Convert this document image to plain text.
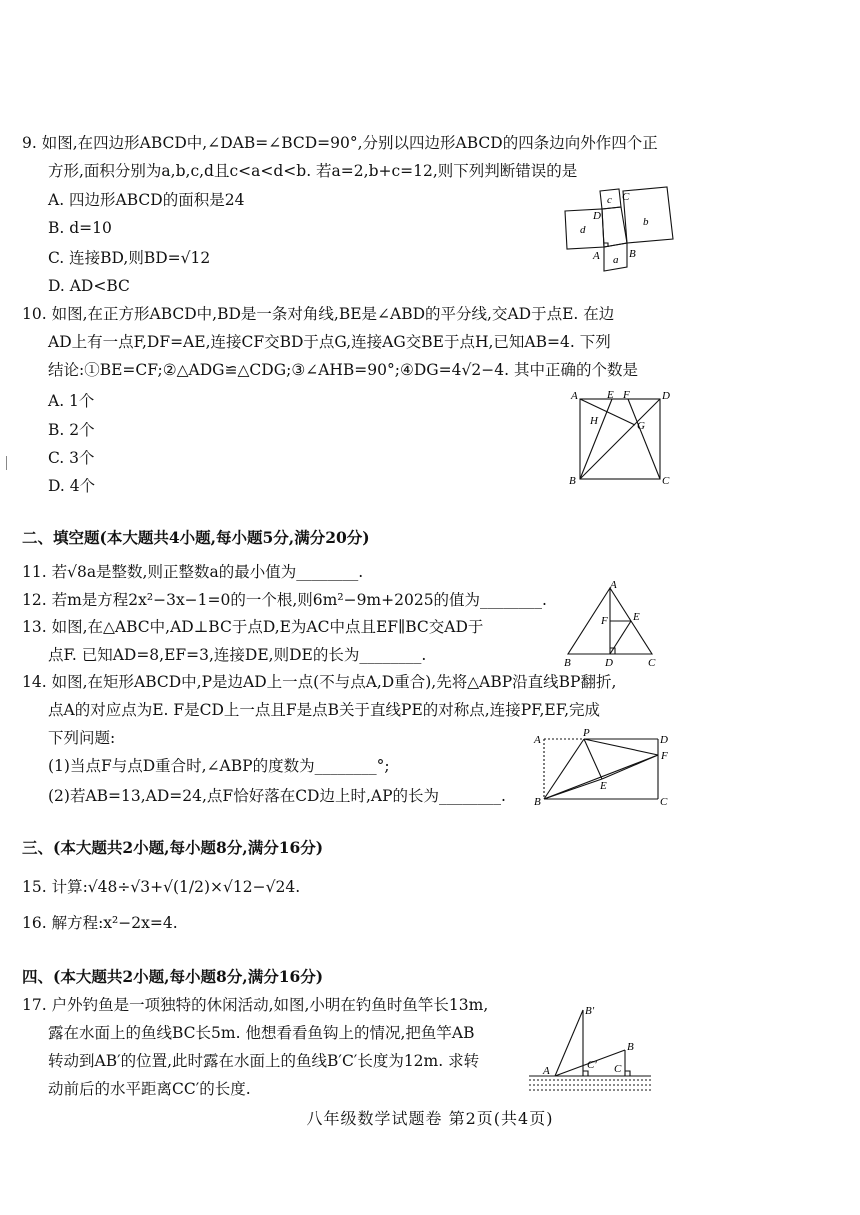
9. 如图,在四边形ABCD中,∠DAB=∠BCD=90°,分别以四边形ABCD的四条边向外作四个正
方形,面积分别为a,b,c,d且c<a<d<b. 若a=2,b+c=12,则下列判断错误的是
A. 四边形ABCD的面积是24
B. d=10
C. 连接BD,则BD=√12
D. AD<BC
c C
D	b
d
A a B
10. 如图,在正方形ABCD中,BD是一条对角线,BE是∠ABD的平分线,交AD于点E. 在边
AD上有一点F,DF=AE,连接CF交BD于点G,连接AG交BE于点H,已知AB=4. 下列
结论:①BE=CF;②△ADG≌△CDG;③∠AHB=90°;④DG=4√2−4. 其中正确的个数是
A. 1个
B. 2个
C. 3个
D. 4个
A	E F	D
H	G
B	C
二、填空题(本大题共4小题,每小题5分,满分20分)
11. 若√8a是整数,则正整数a的最小值为________.
12. 若m是方程2x²−3x−1=0的一个根,则6m²−9m+2025的值为________.
13. 如图,在△ABC中,AD⊥BC于点D,E为AC中点且EF∥BC交AD于
点F. 已知AD=8,EF=3,连接DE,则DE的长为________.
A
E
F
B	D	C
14. 如图,在矩形ABCD中,P是边AD上一点(不与点A,D重合),先将△ABP沿直线BP翻折,
点A的对应点为E. F是CD上一点且F是点B关于直线PE的对称点,连接PF,EF,完成
下列问题:
(1)当点F与点D重合时,∠ABP的度数为________°;
(2)若AB=13,AD=24,点F恰好落在CD边上时,AP的长为________.
A
P
D
F
E
B	C
三、(本大题共2小题,每小题8分,满分16分)
15. 计算:√48÷√3+√(1/2)×√12−√24.
16. 解方程:x²−2x=4.
四、(本大题共2小题,每小题8分,满分16分)
17. 户外钓鱼是一项独特的休闲活动,如图,小明在钓鱼时鱼竿长13m,
露在水面上的鱼线BC长5m. 他想看看鱼钩上的情况,把鱼竿AB
转动到AB′的位置,此时露在水面上的鱼线B′C′长度为12m. 求转
动前后的水平距离CC′的长度.
B′
B
A	C′ C
八年级数学试题卷 第2页(共4页)
